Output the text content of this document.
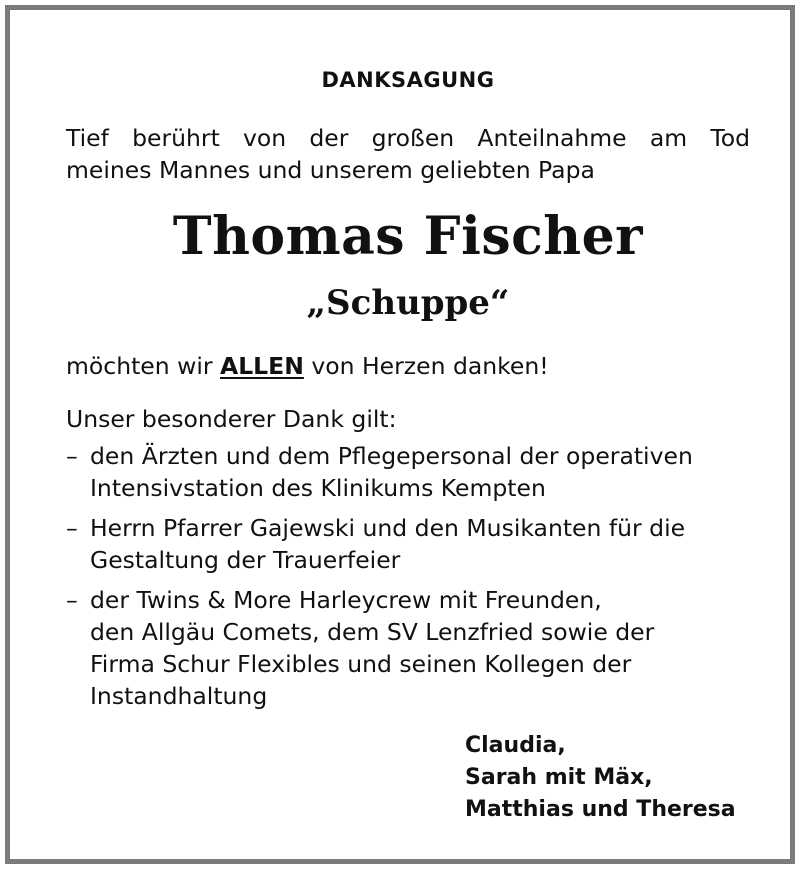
DANKSAGUNG
Tief berührt von der großen Anteilnahme am Tod
meines Mannes und unserem geliebten Papa
Thomas Fischer
„Schuppe“
möchten wir ALLEN von Herzen danken!
Unser besonderer Dank gilt:
– den Ärzten und dem Pflegepersonal der operativen
Intensivstation des Klinikums Kempten
– Herrn Pfarrer Gajewski und den Musikanten für die
Gestaltung der Trauerfeier
– der Twins & More Harleycrew mit Freunden,
den Allgäu Comets, dem SV Lenzfried sowie der
Firma Schur Flexibles und seinen Kollegen der
Instandhaltung
Claudia,
Sarah mit Mäx,
Matthias und Theresa
